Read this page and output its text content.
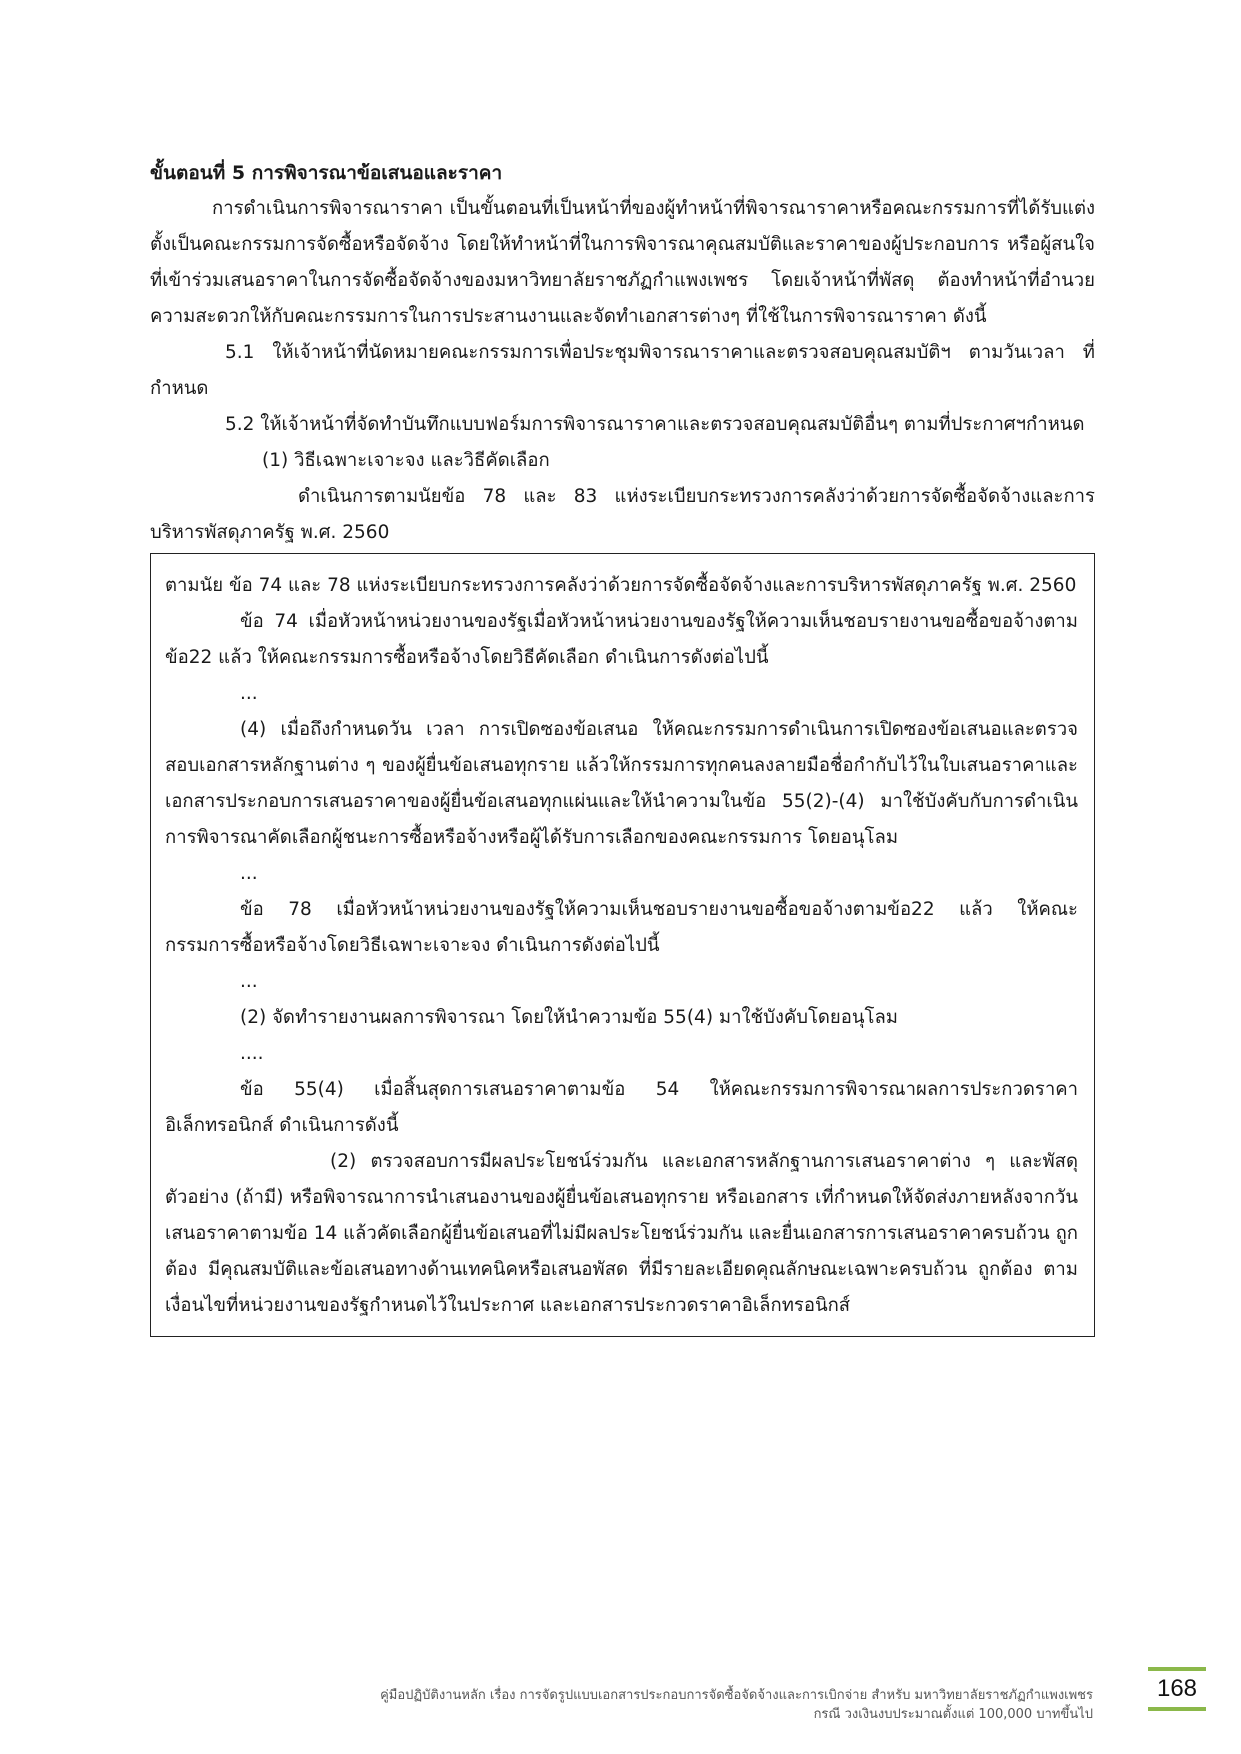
ขั้นตอนที่ 5 การพิจารณาข้อเสนอและราคา

การดำเนินการพิจารณาราคา เป็นขั้นตอนที่เป็นหน้าที่ของผู้ทำหน้าที่พิจารณาราคาหรือคณะกรรมการที่ได้รับแต่งตั้งเป็นคณะกรรมการจัดซื้อหรือจัดจ้าง โดยให้ทำหน้าที่ในการพิจารณาคุณสมบัติและราคาของผู้ประกอบการ หรือผู้สนใจที่เข้าร่วมเสนอราคาในการจัดซื้อจัดจ้างของมหาวิทยาลัยราชภัฏกำแพงเพชร โดยเจ้าหน้าที่พัสดุ ต้องทำหน้าที่อำนวยความสะดวกให้กับคณะกรรมการในการประสานงานและจัดทำเอกสารต่างๆ ที่ใช้ในการพิจารณาราคา ดังนี้

5.1 ให้เจ้าหน้าที่นัดหมายคณะกรรมการเพื่อประชุมพิจารณาราคาและตรวจสอบคุณสมบัติฯ ตามวันเวลา ที่กำหนด

5.2 ให้เจ้าหน้าที่จัดทำบันทึกแบบฟอร์มการพิจารณาราคาและตรวจสอบคุณสมบัติอื่นๆ ตามที่ประกาศฯกำหนด

(1) วิธีเฉพาะเจาะจง และวิธีคัดเลือก

ดำเนินการตามนัยข้อ 78 และ 83 แห่งระเบียบกระทรวงการคลังว่าด้วยการจัดซื้อจัดจ้างและการบริหารพัสดุภาครัฐ พ.ศ. 2560

ตามนัย ข้อ 74 และ 78 แห่งระเบียบกระทรวงการคลังว่าด้วยการจัดซื้อจัดจ้างและการบริหารพัสดุภาครัฐ พ.ศ. 2560

ข้อ 74 เมื่อหัวหน้าหน่วยงานของรัฐเมื่อหัวหน้าหน่วยงานของรัฐให้ความเห็นชอบรายงานขอซื้อขอจ้างตามข้อ22 แล้ว ให้คณะกรรมการซื้อหรือจ้างโดยวิธีคัดเลือก ดำเนินการดังต่อไปนี้

...

(4) เมื่อถึงกำหนดวัน เวลา การเปิดซองข้อเสนอ ให้คณะกรรมการดำเนินการเปิดซองข้อเสนอและตรวจสอบเอกสารหลักฐานต่าง ๆ ของผู้ยื่นข้อเสนอทุกราย แล้วให้กรรมการทุกคนลงลายมือชื่อกำกับไว้ในใบเสนอราคาและเอกสารประกอบการเสนอราคาของผู้ยื่นข้อเสนอทุกแผ่นและให้นำความในข้อ 55(2)-(4) มาใช้บังคับกับการดำเนินการพิจารณาคัดเลือกผู้ชนะการซื้อหรือจ้างหรือผู้ได้รับการเลือกของคณะกรรมการ โดยอนุโลม

...

ข้อ 78 เมื่อหัวหน้าหน่วยงานของรัฐให้ความเห็นชอบรายงานขอซื้อขอจ้างตามข้อ22 แล้ว ให้คณะกรรมการซื้อหรือจ้างโดยวิธีเฉพาะเจาะจง ดำเนินการดังต่อไปนี้

...

(2) จัดทำรายงานผลการพิจารณา โดยให้นำความข้อ 55(4) มาใช้บังคับโดยอนุโลม

....

ข้อ 55(4) เมื่อสิ้นสุดการเสนอราคาตามข้อ 54 ให้คณะกรรมการพิจารณาผลการประกวดราคาอิเล็กทรอนิกส์ ดำเนินการดังนี้

(2) ตรวจสอบการมีผลประโยชน์ร่วมกัน และเอกสารหลักฐานการเสนอราคาต่าง ๆ และพัสดุตัวอย่าง (ถ้ามี) หรือพิจารณาการนำเสนองานของผู้ยื่นข้อเสนอทุกราย หรือเอกสาร เที่กำหนดให้จัดส่งภายหลังจากวันเสนอราคาตามข้อ 14 แล้วคัดเลือกผู้ยื่นข้อเสนอที่ไม่มีผลประโยชน์ร่วมกัน และยื่นเอกสารการเสนอราคาครบถ้วน ถูกต้อง มีคุณสมบัติและข้อเสนอทางด้านเทคนิคหรือเสนอพัสด ที่มีรายละเอียดคุณลักษณะเฉพาะครบถ้วน ถูกต้อง ตามเงื่อนไขที่หน่วยงานของรัฐกำหนดไว้ในประกาศ และเอกสารประกวดราคาอิเล็กทรอนิกส์

คู่มือปฏิบัติงานหลัก เรื่อง การจัดรูปแบบเอกสารประกอบการจัดซื้อจัดจ้างและการเบิกจ่าย สำหรับ มหาวิทยาลัยราชภัฏกำแพงเพชร
กรณี วงเงินงบประมาณตั้งแต่ 100,000 บาทขึ้นไป
168
